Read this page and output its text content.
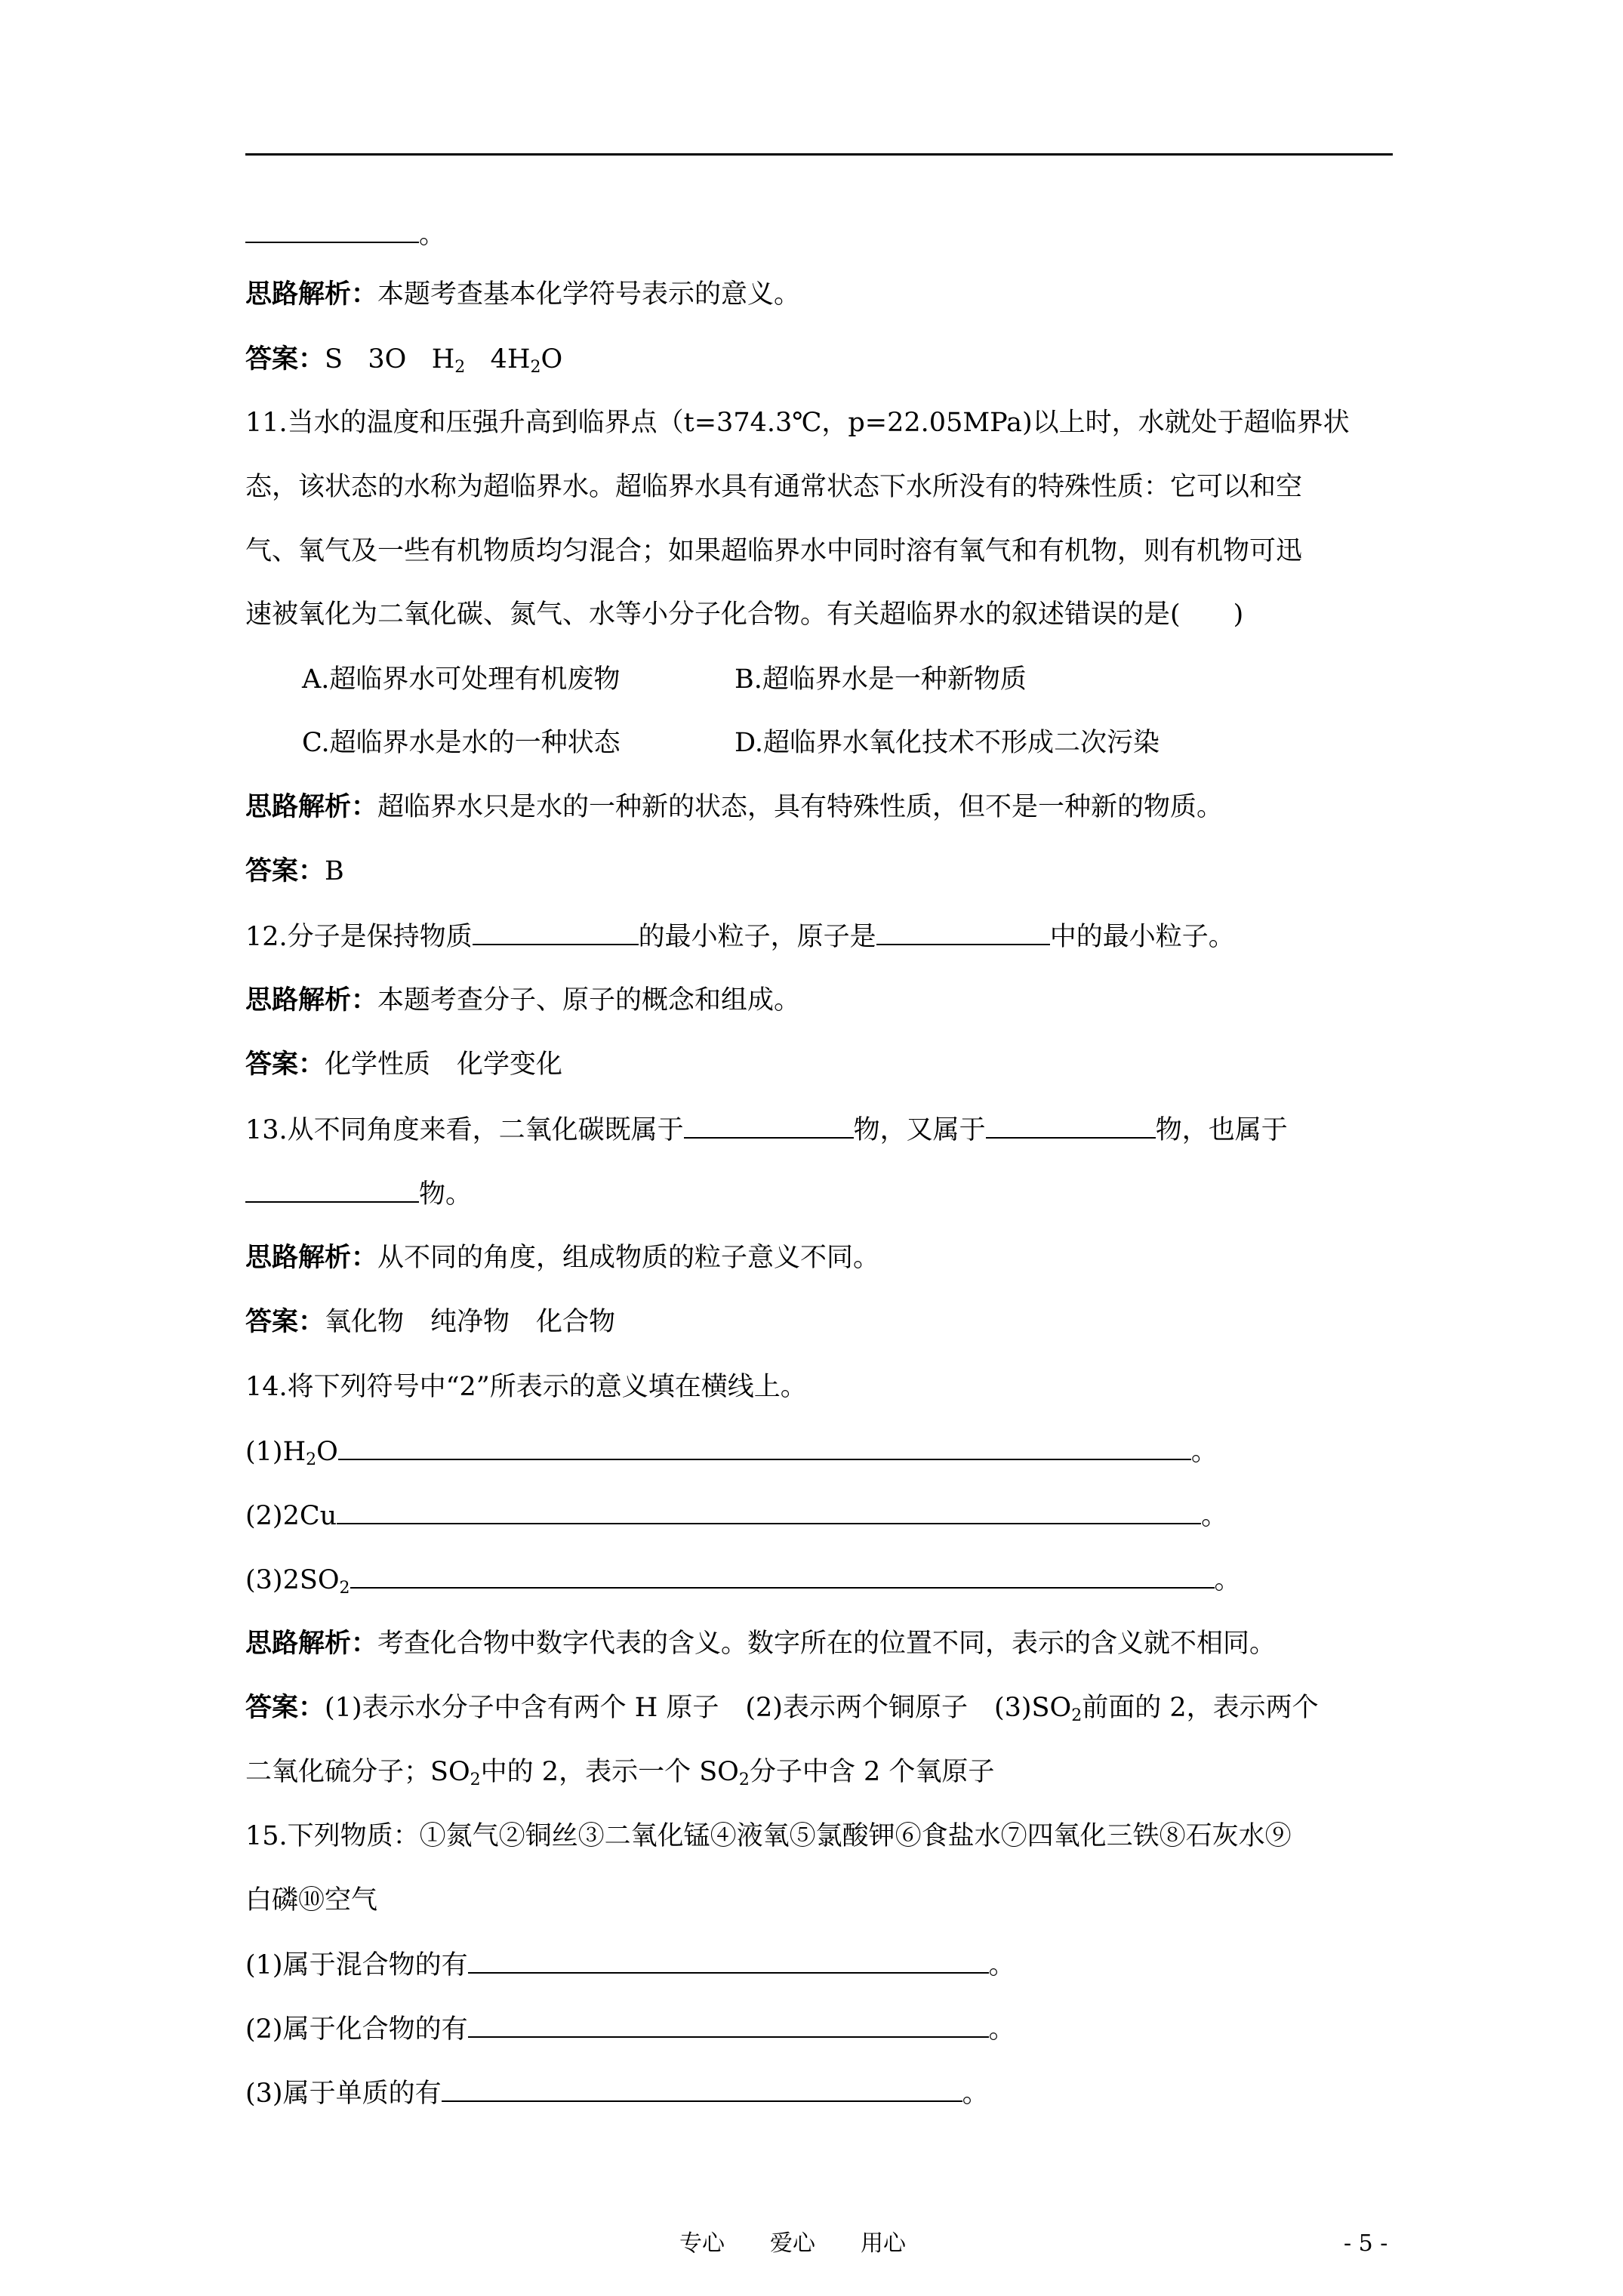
。
思路解析：本题考查基本化学符号表示的意义。
答案：S 3O $H_2$ $4H_2O$
11.当水的温度和压强升高到临界点（t=374.3℃，p=22.05MPa)以上时，水就处于超临界状
态，该状态的水称为超临界水。超临界水具有通常状态下水所没有的特殊性质：它可以和空
气、氧气及一些有机物质均匀混合；如果超临界水中同时溶有氧气和有机物，则有机物可迅
速被氧化为二氧化碳、氮气、水等小分子化合物。有关超临界水的叙述错误的是(　　)
A.超临界水可处理有机废物	B.超临界水是一种新物质
C.超临界水是水的一种状态	D.超临界水氧化技术不形成二次污染
思路解析：超临界水只是水的一种新的状态，具有特殊性质，但不是一种新的物质。
答案：B
12.分子是保持物质	的最小粒子，原子是	中的最小粒子。
思路解析：本题考查分子、原子的概念和组成。
答案：化学性质　化学变化
13.从不同角度来看，二氧化碳既属于	物，又属于	物，也属于
物。
思路解析：从不同的角度，组成物质的粒子意义不同。
答案：氧化物　纯净物　化合物
14.将下列符号中“2”所表示的意义填在横线上。
$(1)H_2O$	。
(2)2Cu	。
$(3)2SO_2$	。
思路解析：考查化合物中数字代表的含义。数字所在的位置不同，表示的含义就不相同。
答案：(1)表示水分子中含有两个 H 原子　(2)表示两个铜原子　$(3)SO_2$前面的 2，表示两个
二氧化硫分子；$SO_2$中的 2，表示一个 $SO_2$分子中含 2 个氧原子
15.下列物质：①氮气②铜丝③二氧化锰④液氧⑤氯酸钾⑥食盐水⑦四氧化三铁⑧石灰水⑨
白磷⑩空气
(1)属于混合物的有	。
(2)属于化合物的有	。
(3)属于单质的有	。
专心　　爱心　　用心	- 5 -
